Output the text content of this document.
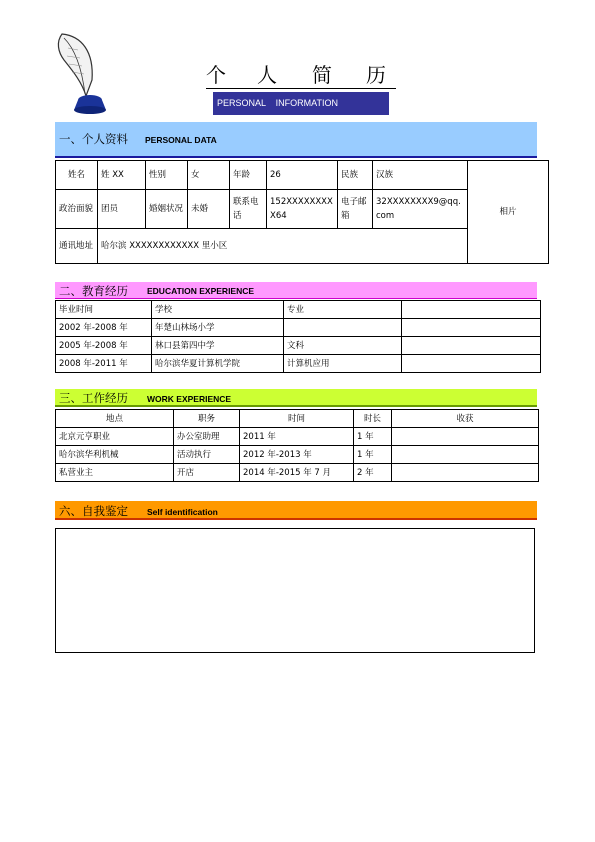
个 人 简 历
PERSONAL    INFORMATION
一、个人资料 PERSONAL DATA
姓名	姓 XX	性别	女	年龄	26	民族	汉族	相片
政治面貌	团员	婚姻状况	未婚	联系电话	152XXXXXXXXX64	电子邮箱	32XXXXXXXX9@qq.com	
通讯地址	哈尔滨 XXXXXXXXXXXX 里小区							
二、教育经历 EDUCATION EXPERIENCE
毕业时间	学校	专业	
2002 年-2008 年	年楚山林场小学		
2005 年-2008 年	林口县第四中学	文科	
2008 年-2011 年	哈尔滨华夏计算机学院	计算机应用	
三、工作经历 WORK EXPERIENCE
地点	职务	时间	时长	收获
北京元亨职业	办公室助理	2011 年	1 年	
哈尔滨华利机械	活动执行	2012 年-2013 年	1 年	
私营业主	开店	2014 年-2015 年 7 月	2 年	
六、自我鉴定 Self identification
